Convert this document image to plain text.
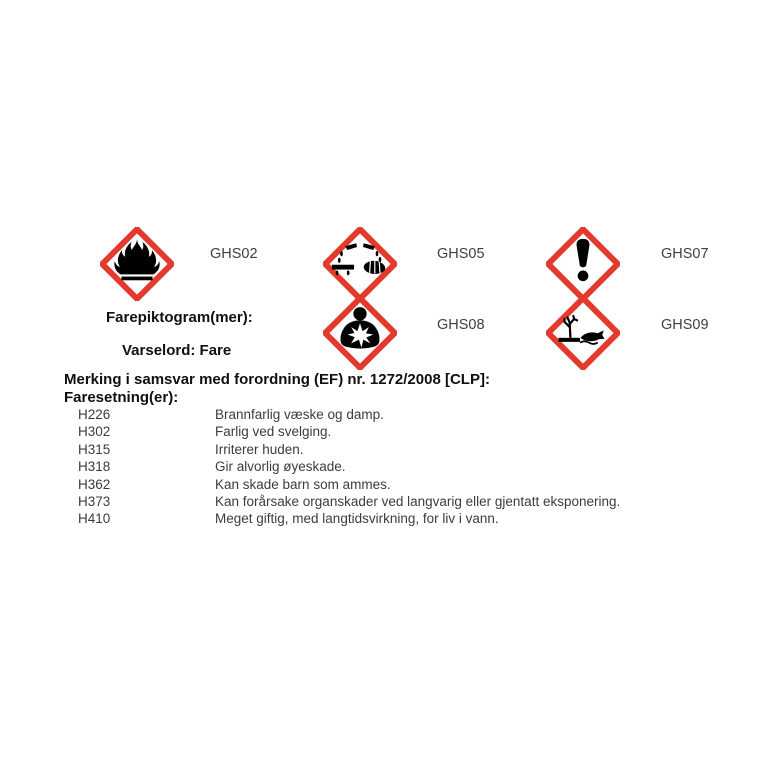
GHS02	GHS05	GHS07
Farepiktogram(mer):	GHS08	GHS09
Varselord: Fare
Merking i samsvar med forordning (EF) nr. 1272/2008 [CLP]:
Faresetning(er):
H226	Brannfarlig væske og damp.
H302	Farlig ved svelging.
H315	Irriterer huden.
H318	Gir alvorlig øyeskade.
H362	Kan skade barn som ammes.
H373	Kan forårsake organskader ved langvarig eller gjentatt eksponering.
H410	Meget giftig, med langtidsvirkning, for liv i vann.
